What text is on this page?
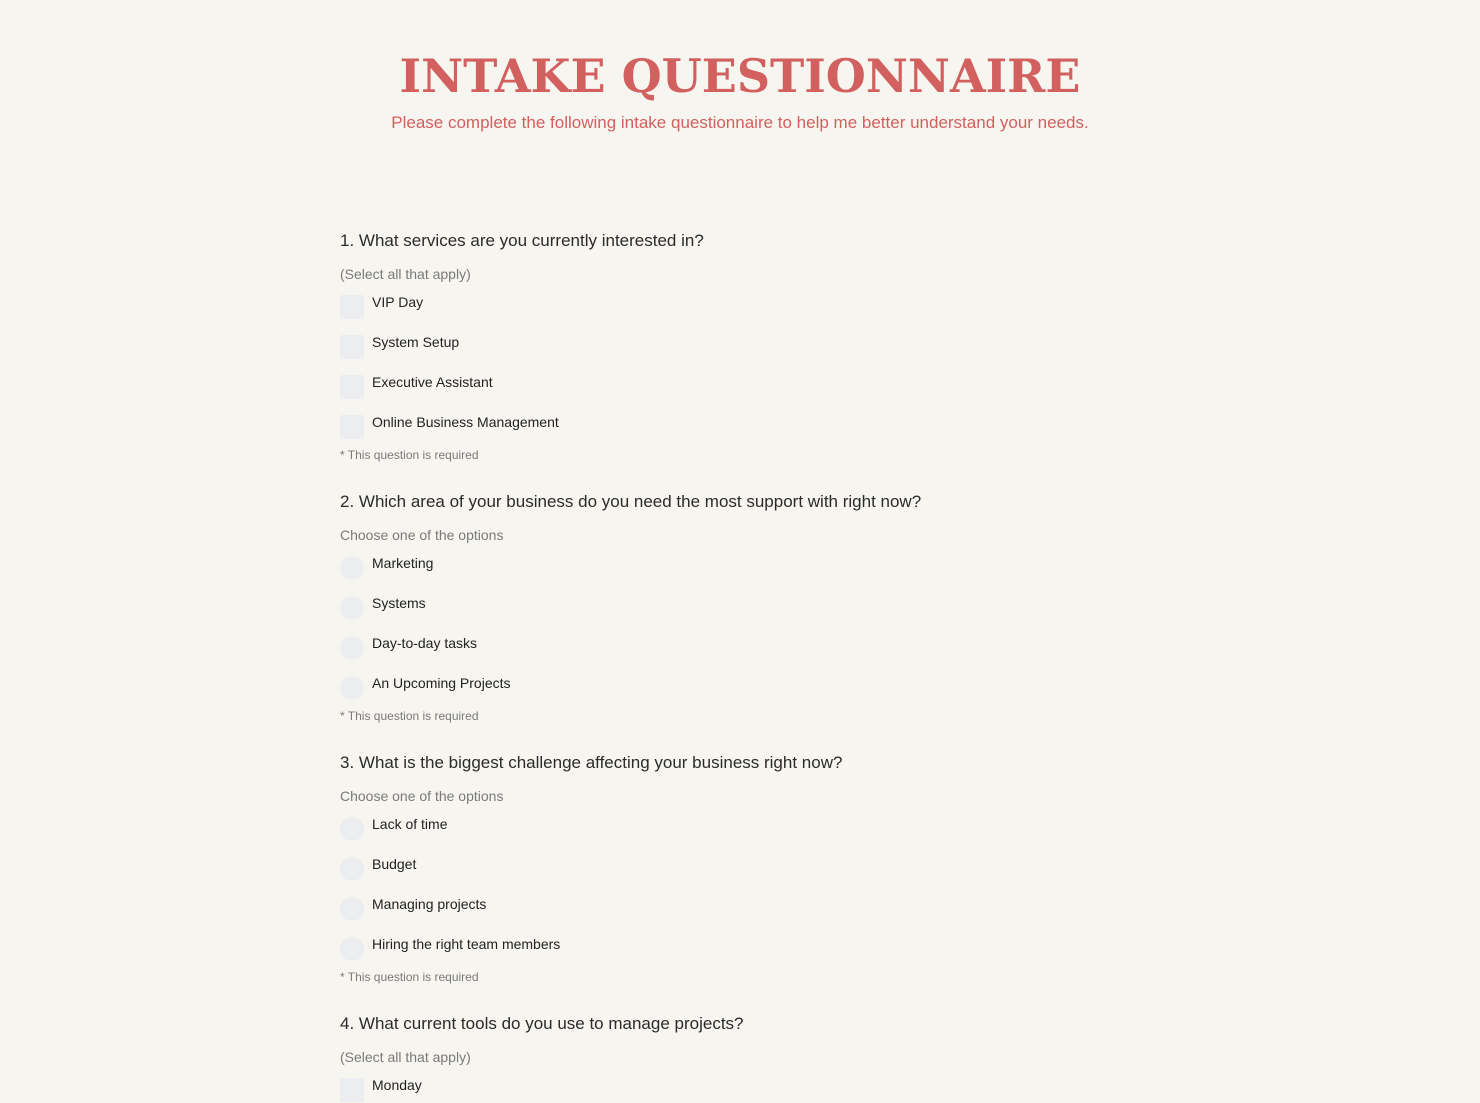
INTAKE QUESTIONNAIRE

Please complete the following intake questionnaire to help me better understand your needs.

1. What services are you currently interested in?
(Select all that apply)
VIP Day
System Setup
Executive Assistant
Online Business Management
* This question is required
2. Which area of your business do you need the most support with right now?
Choose one of the options
Marketing
Systems
Day-to-day tasks
An Upcoming Projects
* This question is required
3. What is the biggest challenge affecting your business right now?
Choose one of the options
Lack of time
Budget
Managing projects
Hiring the right team members
* This question is required
4. What current tools do you use to manage projects?
(Select all that apply)
Monday
